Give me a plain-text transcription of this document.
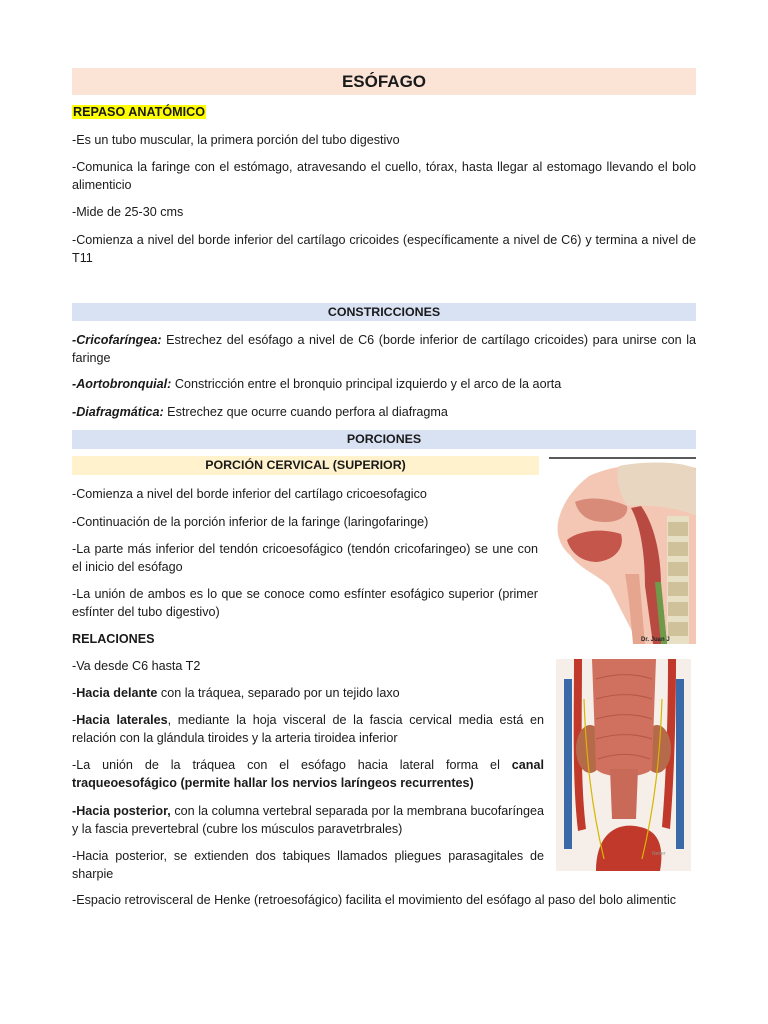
ESÓFAGO

REPASO ANATÓMICO

-Es un tubo muscular, la primera porción del tubo digestivo

-Comunica la faringe con el estómago, atravesando el cuello, tórax, hasta llegar al estomago llevando el bolo alimenticio

-Mide de 25-30 cms

-Comienza a nivel del borde inferior del cartílago cricoides (específicamente a nivel de C6) y termina a nivel de T11

CONSTRICCIONES

-Cricofaríngea: Estrechez del esófago a nivel de C6 (borde inferior de cartílago cricoides) para unirse con la faringe

-Aortobronquial: Constricción entre el bronquio principal izquierdo y el arco de la aorta

-Diafragmática: Estrechez que ocurre cuando perfora al diafragma

PORCIONES
PORCIÓN CERVICAL (SUPERIOR)

-Comienza a nivel del borde inferior del cartílago cricoesofagico

-Continuación de la porción inferior de la faringe (laringofaringe)

-La parte más inferior del tendón cricoesofágico (tendón cricofaringeo) se une con el inicio del esófago

-La unión de ambos es lo que se conoce como esfínter esofágico superior (primer esfínter del tubo digestivo)

RELACIONES

-Va desde C6 hasta T2

-Hacia delante con la tráquea, separado por un tejido laxo

-Hacia laterales, mediante la hoja visceral de la fascia cervical media está en relación con la glándula tiroides y la arteria tiroidea inferior

-La unión de la tráquea con el esófago hacia lateral forma el canal traqueoesofágico (permite hallar los nervios laríngeos recurrentes)

-Hacia posterior, con la columna vertebral separada por la membrana bucofaríngea y la fascia prevertebral (cubre los músculos paravetrbrales)

-Hacia posterior, se extienden dos tabiques llamados pliegues parasagitales de sharpie

-Espacio retrovisceral de Henke (retroesofágico) facilita el movimiento del esófago al paso del bolo alimentic

Dr. Juan J
Netter
